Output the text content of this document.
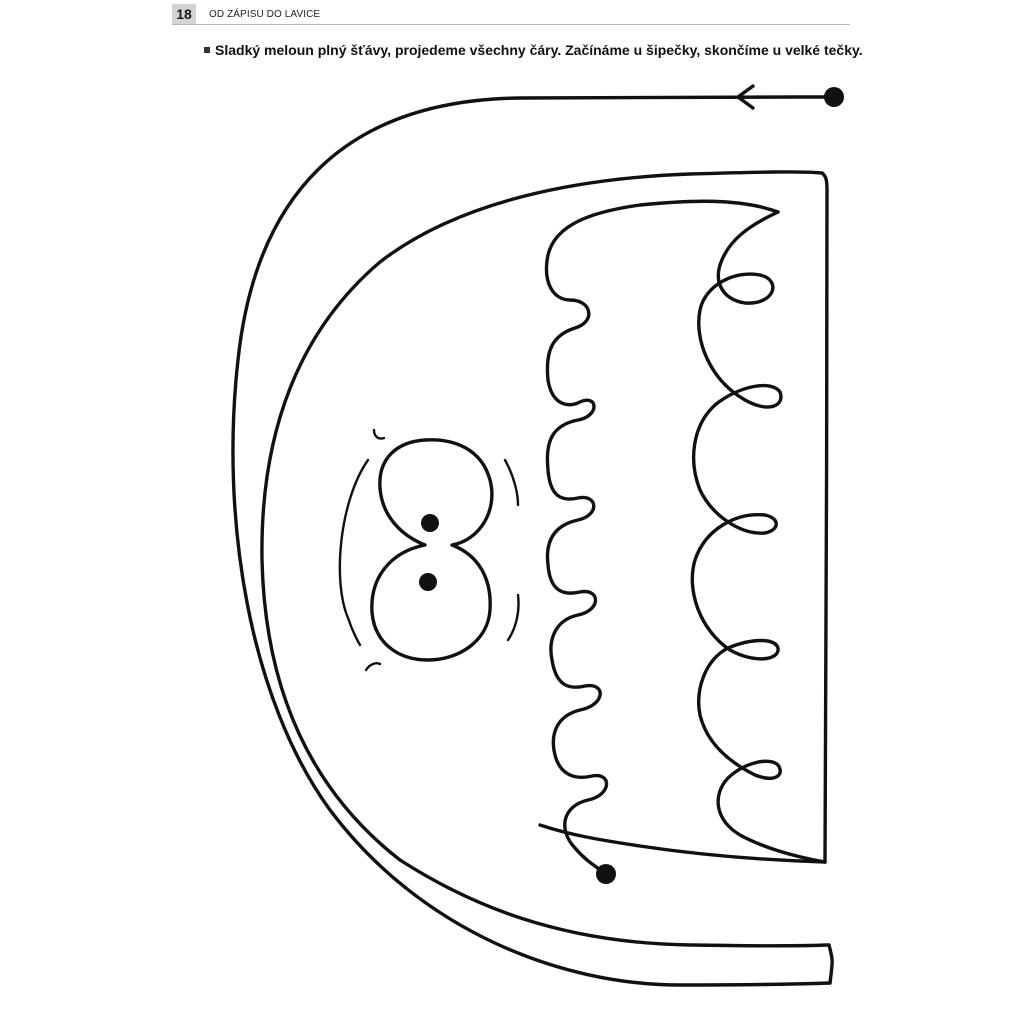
18	OD ZÁPISU DO LAVICE
Sladký meloun plný šťávy, projedeme všechny čáry. Začínáme u šipečky, skončíme u velké tečky.
